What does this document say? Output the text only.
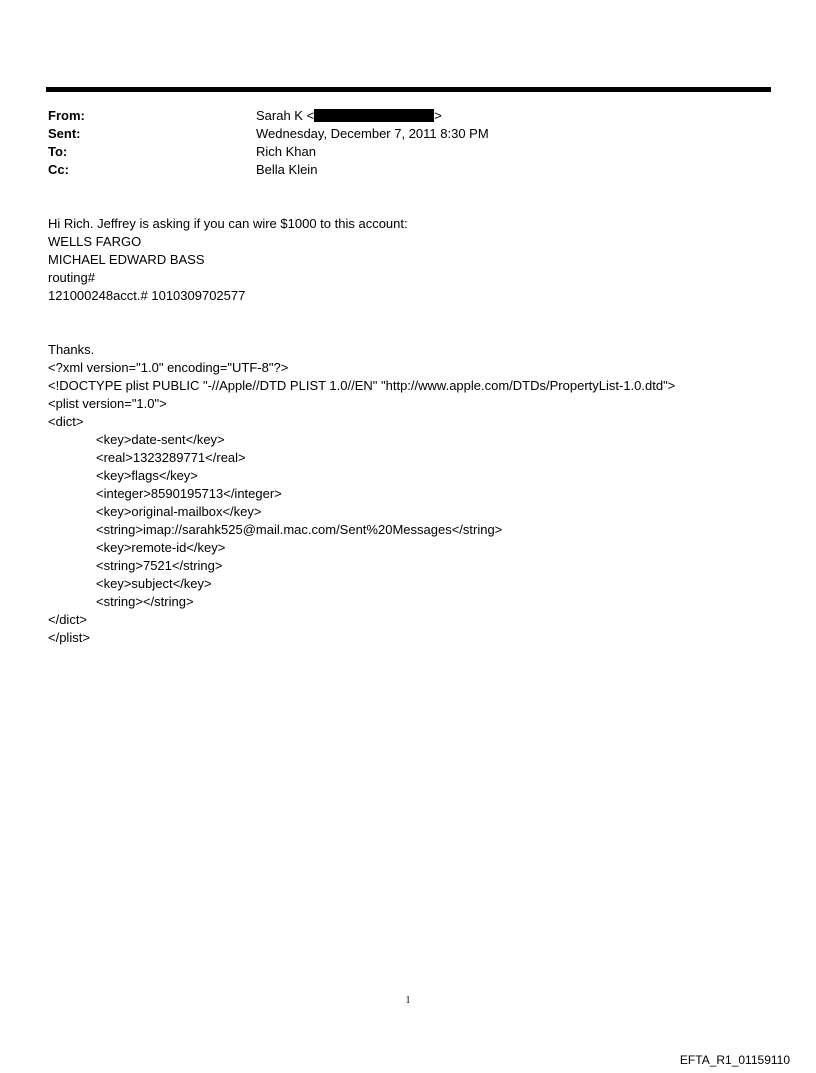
From:	Sarah K <	>
Sent:	Wednesday, December 7, 2011 8:30 PM
To:	Rich Khan
Cc:	Bella Klein
Hi Rich. Jeffrey is asking if you can wire $1000 to this account:
WELLS FARGO
MICHAEL EDWARD BASS
routing#
121000248acct.# 1010309702577
Thanks.
<?xml version="1.0" encoding="UTF-8"?>
<!DOCTYPE plist PUBLIC "-//Apple//DTD PLIST 1.0//EN" "http://www.apple.com/DTDs/PropertyList-1.0.dtd">
<plist version="1.0">
<dict>
<key>date-sent</key>
<real>1323289771</real>
<key>flags</key>
<integer>8590195713</integer>
<key>original-mailbox</key>
<string>imap://sarahk525@mail.mac.com/Sent%20Messages</string>
<key>remote-id</key>
<string>7521</string>
<key>subject</key>
<string></string>
</dict>
</plist>
1
EFTA_R1_01159110
